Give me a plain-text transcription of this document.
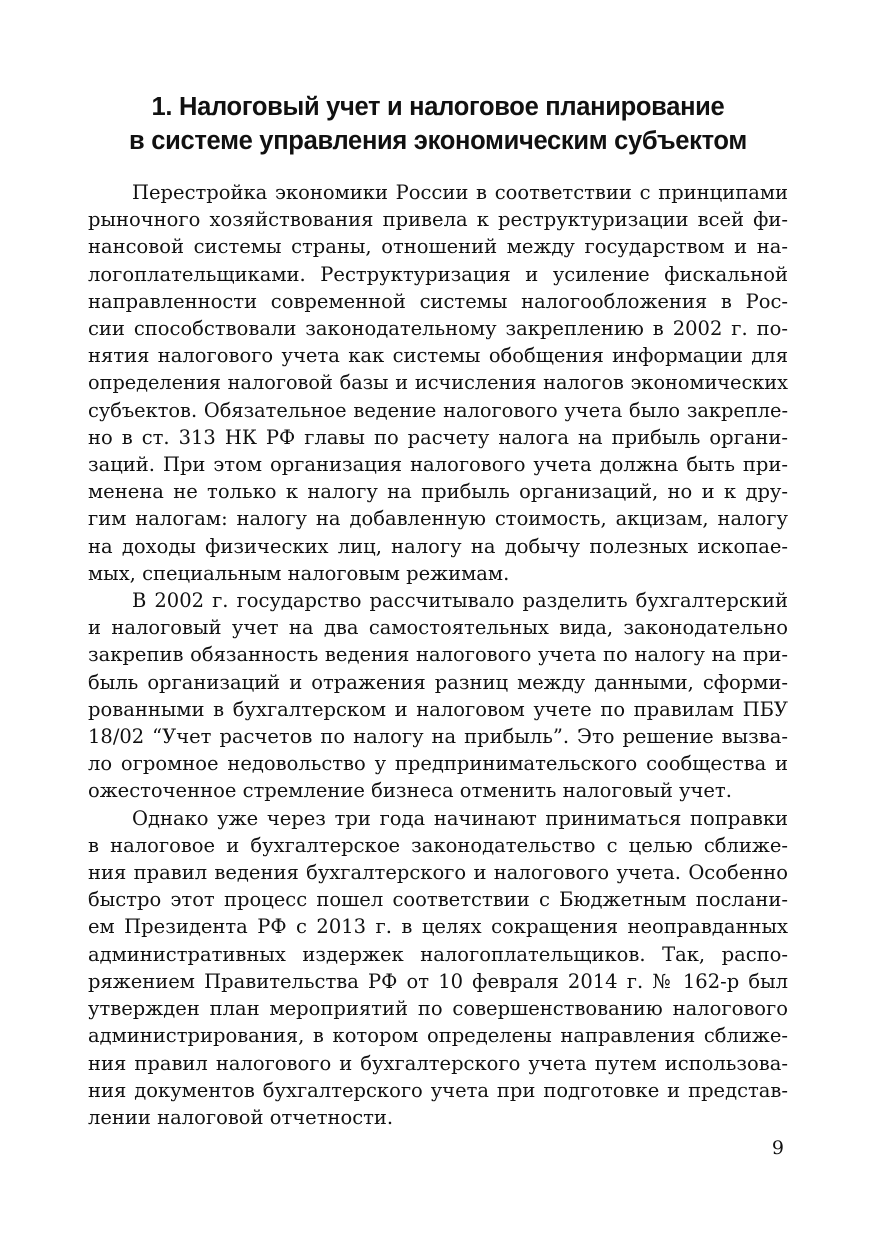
1. Налоговый учет и налоговое планирование
в системе управления экономическим субъектом
Перестройка экономики России в соответствии с принципами
рыночного хозяйствования привела к реструктуризации всей фи-
нансовой системы страны, отношений между государством и на-
логоплательщиками. Реструктуризация и усиление фискальной
направленности современной системы налогообложения в Рос-
сии способствовали законодательному закреплению в 2002 г. по-
нятия налогового учета как системы обобщения информации для
определения налоговой базы и исчисления налогов экономических
субъектов. Обязательное ведение налогового учета было закрепле-
но в ст. 313 НК РФ главы по расчету налога на прибыль органи-
заций. При этом организация налогового учета должна быть при-
менена не только к налогу на прибыль организаций, но и к дру-
гим налогам: налогу на добавленную стоимость, акцизам, налогу
на доходы физических лиц, налогу на добычу полезных ископае-
мых, специальным налоговым режимам.
В 2002 г. государство рассчитывало разделить бухгалтерский
и налоговый учет на два самостоятельных вида, законодательно
закрепив обязанность ведения налогового учета по налогу на при-
быль организаций и отражения разниц между данными, сформи-
рованными в бухгалтерском и налоговом учете по правилам ПБУ
18/02 “Учет расчетов по налогу на прибыль”. Это решение вызва-
ло огромное недовольство у предпринимательского сообщества и
ожесточенное стремление бизнеса отменить налоговый учет.
Однако уже через три года начинают приниматься поправки
в налоговое и бухгалтерское законодательство с целью сближе-
ния правил ведения бухгалтерского и налогового учета. Особенно
быстро этот процесс пошел соответствии с Бюджетным послани-
ем Президента РФ с 2013 г. в целях сокращения неоправданных
административных издержек налогоплательщиков. Так, распо-
ряжением Правительства РФ от 10 февраля 2014 г. № 162-р был
утвержден план мероприятий по совершенствованию налогового
администрирования, в котором определены направления сближе-
ния правил налогового и бухгалтерского учета путем использова-
ния документов бухгалтерского учета при подготовке и представ-
лении налоговой отчетности.
9
